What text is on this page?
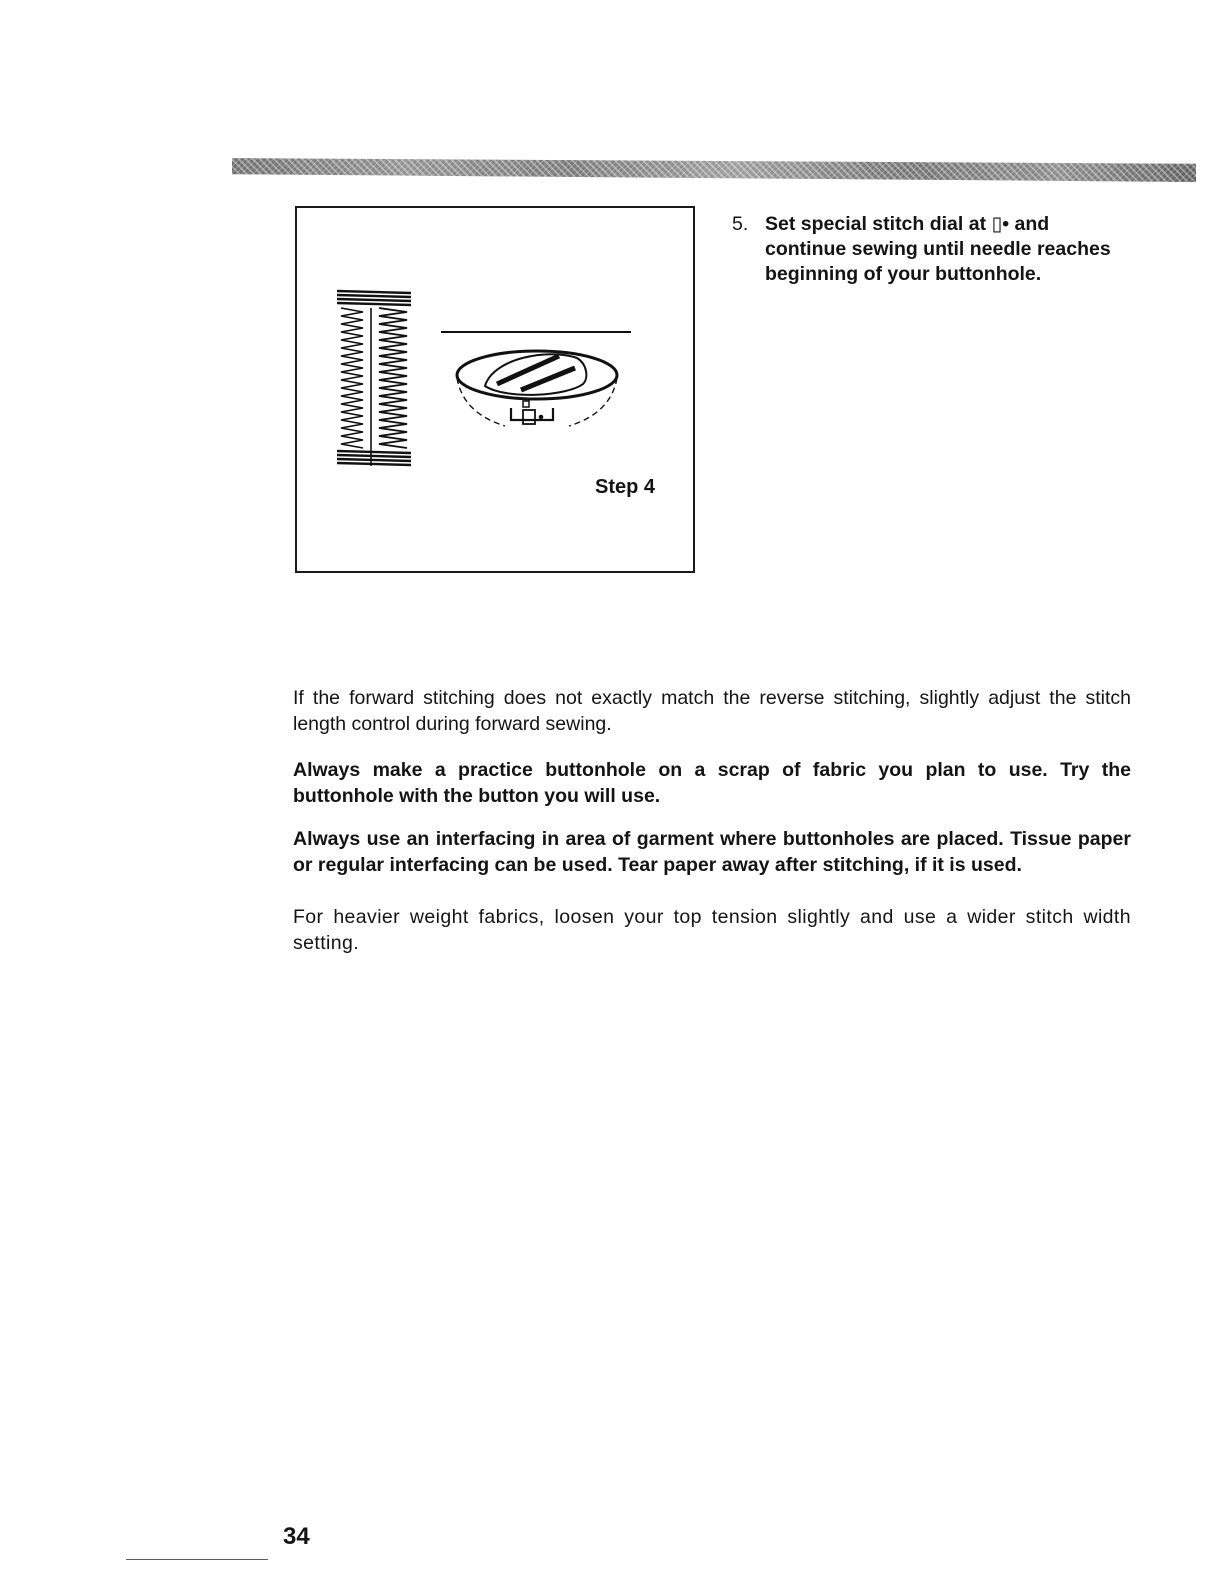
Step 4
5. Set special stitch dial at ▯• and continue sewing until needle reaches beginning of your buttonhole.

If the forward stitching does not exactly match the reverse stitching, slightly adjust the stitch length control during forward sewing.

Always make a practice buttonhole on a scrap of fabric you plan to use. Try the buttonhole with the button you will use.

Always use an interfacing in area of garment where buttonholes are placed. Tissue paper or regular interfacing can be used. Tear paper away after stitching, if it is used.

For heavier weight fabrics, loosen your top tension slightly and use a wider stitch width setting.

34
